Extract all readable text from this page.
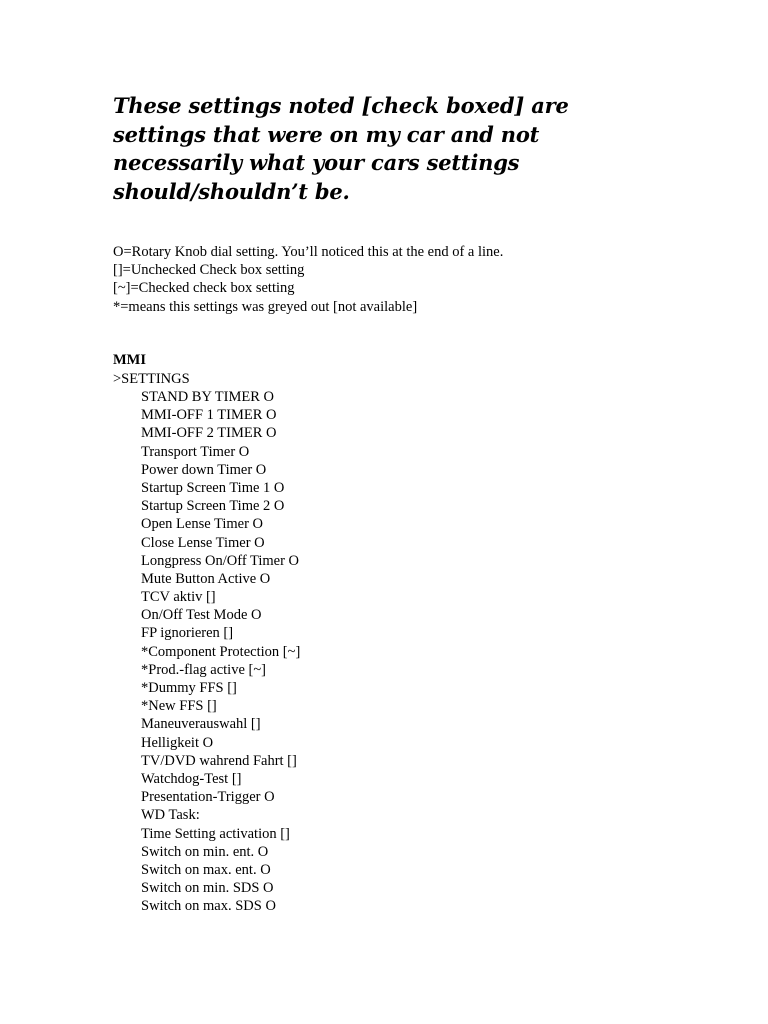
These settings noted [check boxed] are
settings that were on my car and not
necessarily what your cars settings
should/shouldn’t be.
O=Rotary Knob dial setting. You’ll noticed this at the end of a line.
[]=Unchecked Check box setting
[~]=Checked check box setting
*=means this settings was greyed out [not available]
MMI
>SETTINGS
STAND BY TIMER O
MMI-OFF 1 TIMER O
MMI-OFF 2 TIMER O
Transport Timer O
Power down Timer O
Startup Screen Time 1 O
Startup Screen Time 2 O
Open Lense Timer O
Close Lense Timer O
Longpress On/Off Timer O
Mute Button Active O
TCV aktiv []
On/Off Test Mode O
FP ignorieren []
*Component Protection [~]
*Prod.-flag active [~]
*Dummy FFS []
*New FFS []
Maneuverauswahl []
Helligkeit O
TV/DVD wahrend Fahrt []
Watchdog-Test []
Presentation-Trigger O
WD Task:
Time Setting activation []
Switch on min. ent. O
Switch on max. ent. O
Switch on min. SDS O
Switch on max. SDS O
